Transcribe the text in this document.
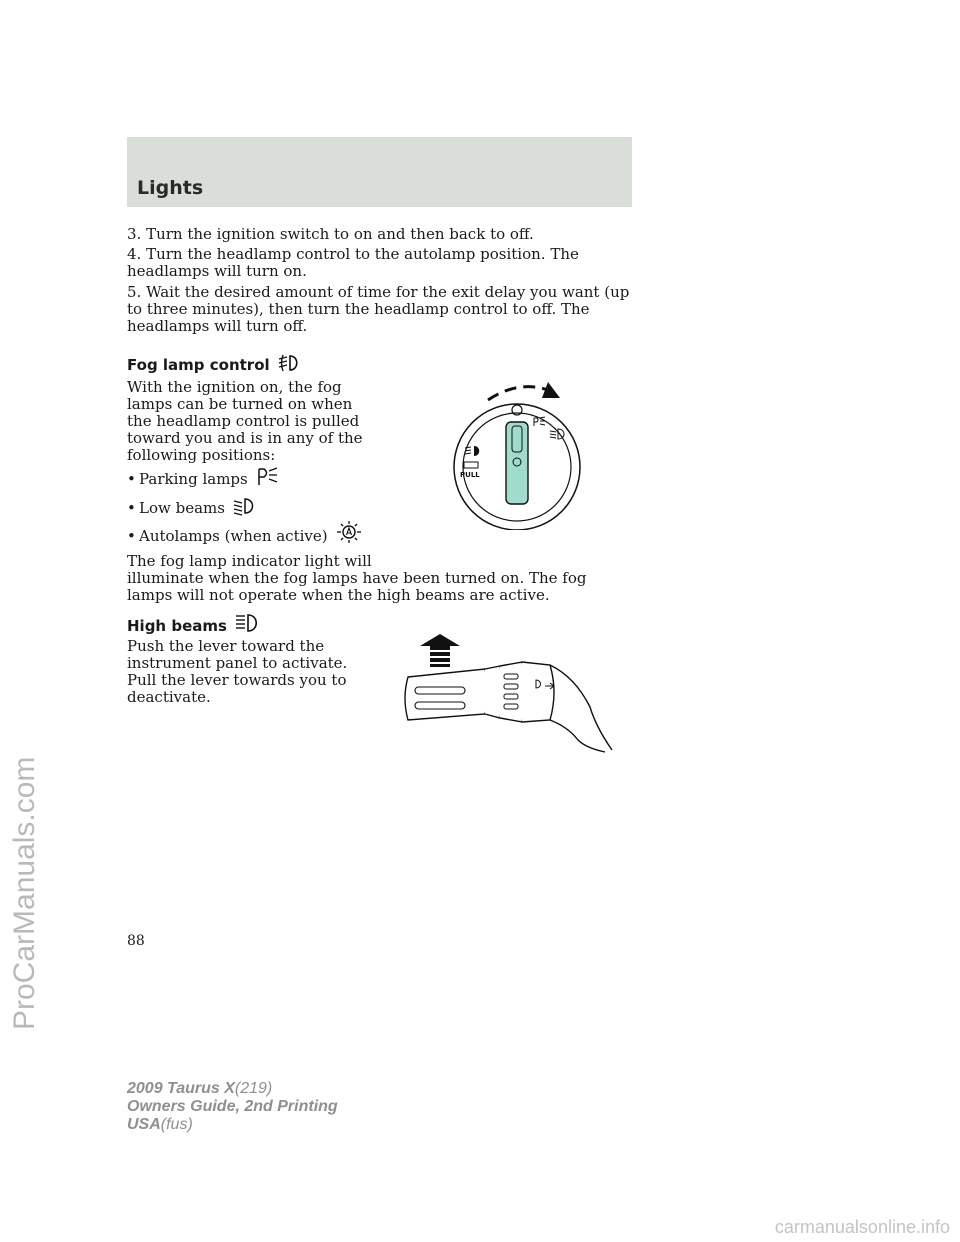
Lights

3. Turn the ignition switch to on and then back to off.

4. Turn the headlamp control to the autolamp position. The headlamps will turn on.

5. Wait the desired amount of time for the exit delay you want (up to three minutes), then turn the headlamp control to off. The headlamps will turn off.

Fog lamp control

With the ignition on, the fog lamps can be turned on when the headlamp control is pulled toward you and is in any of the following positions:

• Parking lamps

• Low beams

• Autolamps (when active)

The fog lamp indicator light will

illuminate when the fog lamps have been turned on. The fog lamps will not operate when the high beams are active.

PULL

High beams

Push the lever toward the instrument panel to activate. Pull the lever towards you to deactivate.

88

2009 Taurus X(219)
Owners Guide, 2nd Printing
USA(fus)
ProCarManuals.com
carmanualsonline.info
